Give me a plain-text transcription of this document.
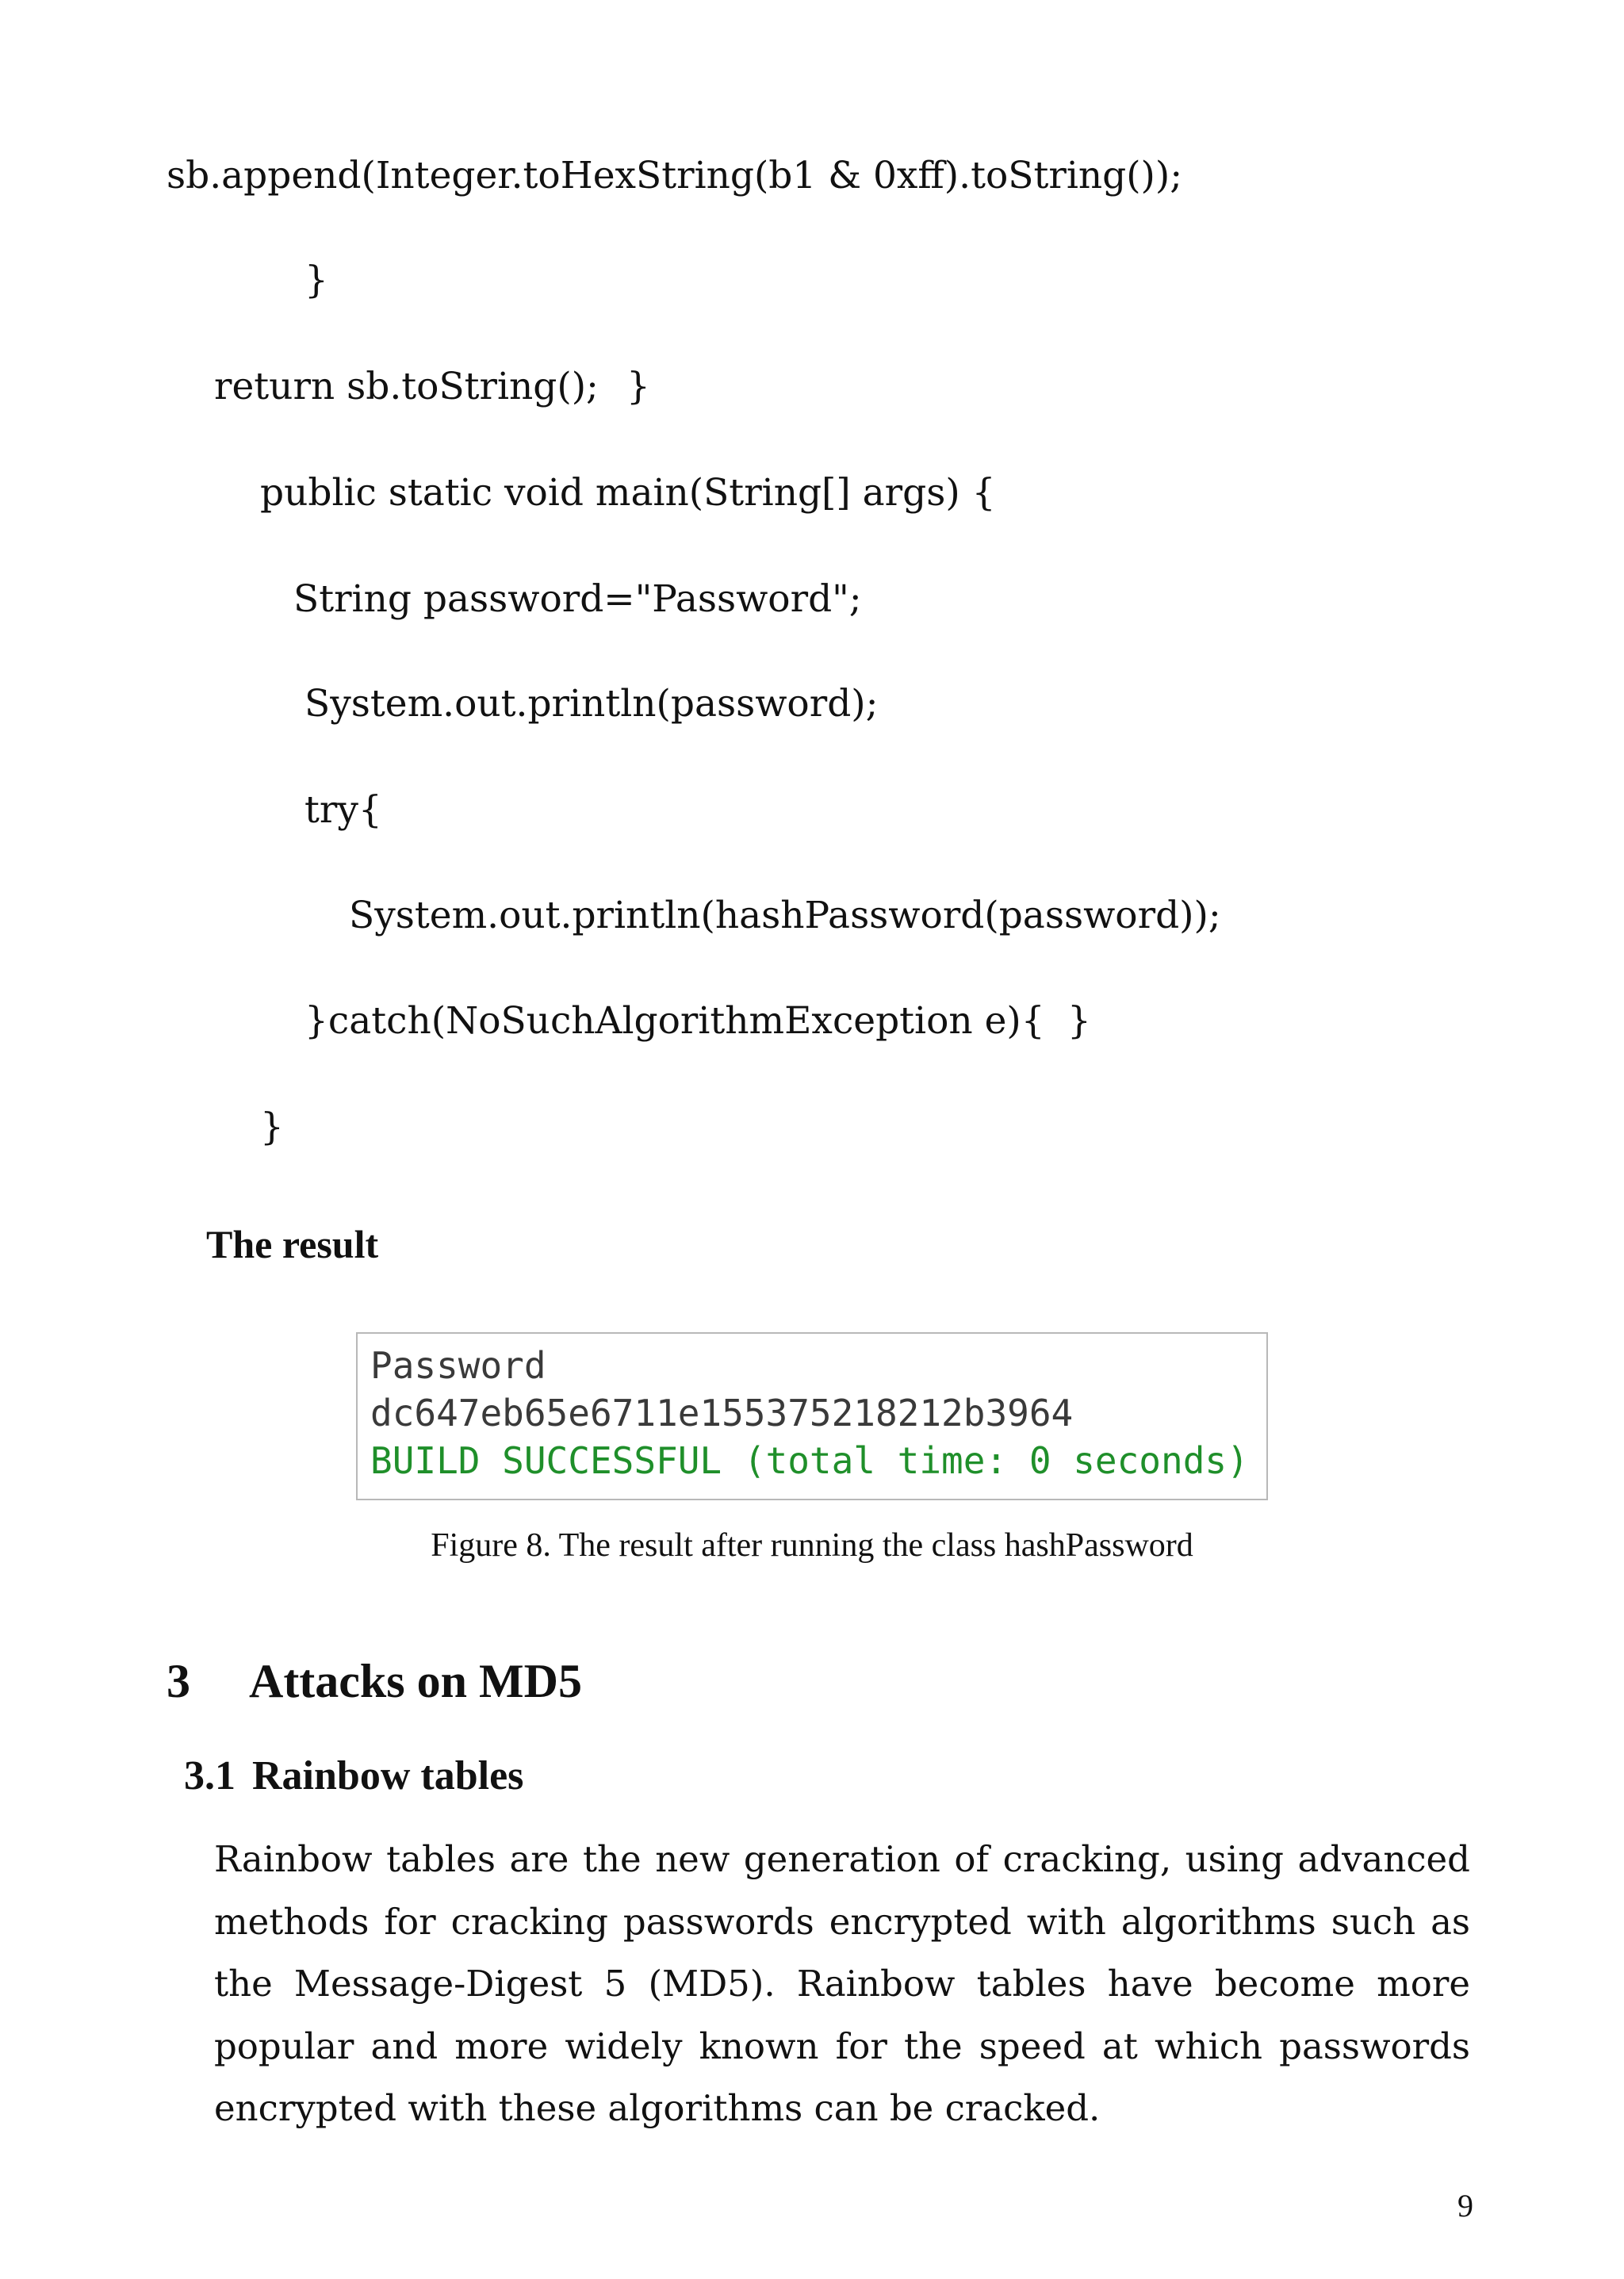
sb.append(Integer.toHexString(b1 & 0xff).toString());
}
return sb.toString(); }
public static void main(String[] args) {
String password="Password";
System.out.println(password);
try{
System.out.println(hashPassword(password));
}catch(NoSuchAlgorithmException e){ }
}
The result
Password
dc647eb65e6711e155375218212b3964
BUILD SUCCESSFUL (total time: 0 seconds)
Figure 8. The result after running the class hashPassword
3 Attacks on MD5
3.1 Rainbow tables
Rainbow tables are the new generation of cracking, using advanced methods for cracking passwords encrypted with algorithms such as the Message-Digest 5 (MD5). Rainbow tables have become more popular and more widely known for the speed at which passwords encrypted with these algorithms can be cracked.
9
